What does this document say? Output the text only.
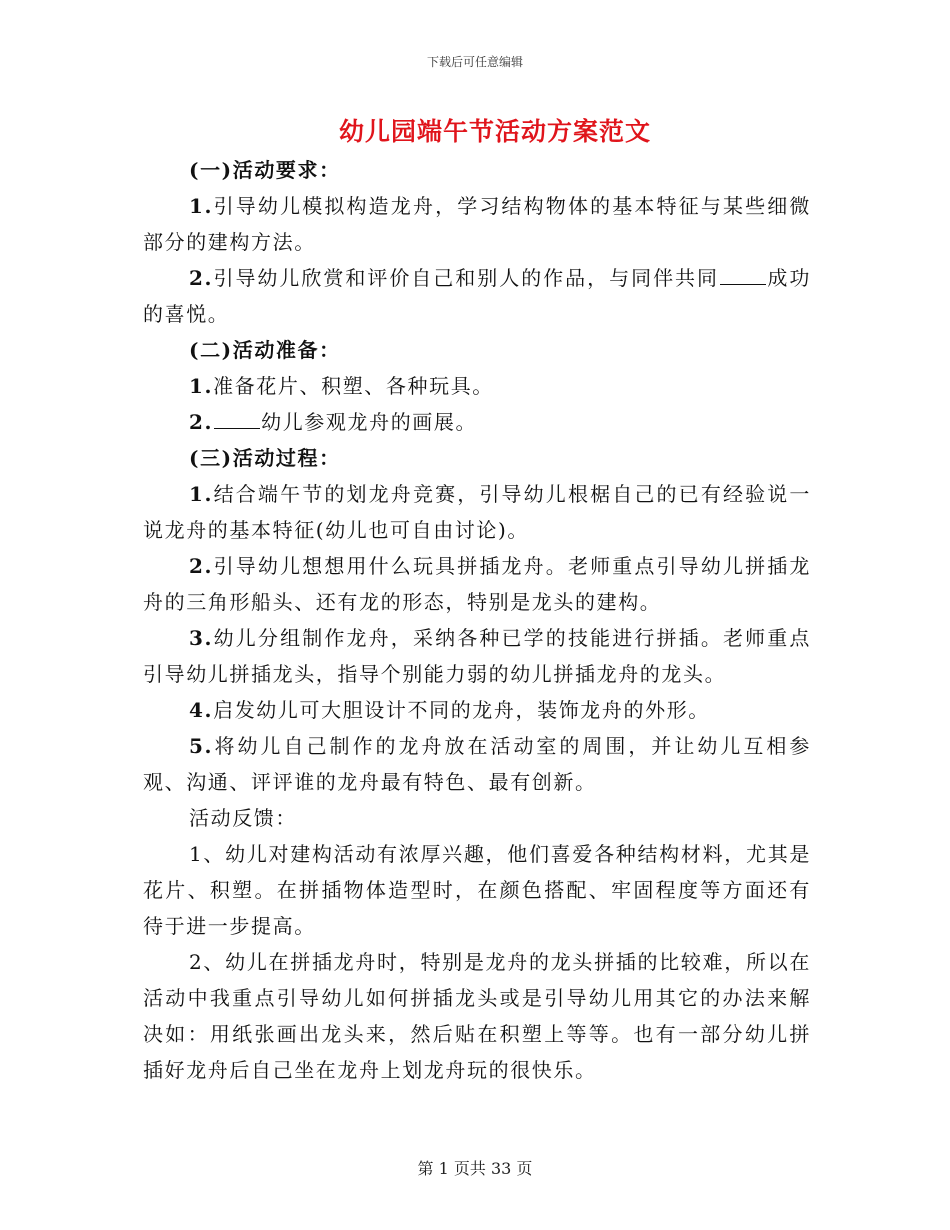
下载后可任意编辑
幼儿园端午节活动方案范文

(一)活动要求：

1.引导幼儿模拟构造龙舟，学习结构物体的基本特征与某些细微部分的建构方法。

2.引导幼儿欣赏和评价自己和别人的作品，与同伴共同 成功的喜悦。

(二)活动准备：

1.准备花片、积塑、各种玩具。

2. 幼儿参观龙舟的画展。

(三)活动过程：

1.结合端午节的划龙舟竞赛，引导幼儿根椐自己的已有经验说一说龙舟的基本特征(幼儿也可自由讨论)。

2.引导幼儿想想用什么玩具拼插龙舟。老师重点引导幼儿拼插龙舟的三角形船头、还有龙的形态，特别是龙头的建构。

3.幼儿分组制作龙舟，采纳各种已学的技能进行拼插。老师重点引导幼儿拼插龙头，指导个别能力弱的幼儿拼插龙舟的龙头。

4.启发幼儿可大胆设计不同的龙舟，装饰龙舟的外形。

5.将幼儿自己制作的龙舟放在活动室的周围，并让幼儿互相参观、沟通、评评谁的龙舟最有特色、最有创新。

活动反馈：

1、幼儿对建构活动有浓厚兴趣，他们喜爱各种结构材料，尤其是花片、积塑。在拼插物体造型时，在颜色搭配、牢固程度等方面还有待于进一步提高。

2、幼儿在拼插龙舟时，特别是龙舟的龙头拼插的比较难，所以在活动中我重点引导幼儿如何拼插龙头或是引导幼儿用其它的办法来解决如：用纸张画出龙头来，然后贴在积塑上等等。也有一部分幼儿拼插好龙舟后自己坐在龙舟上划龙舟玩的很快乐。

第 1 页共 33 页
